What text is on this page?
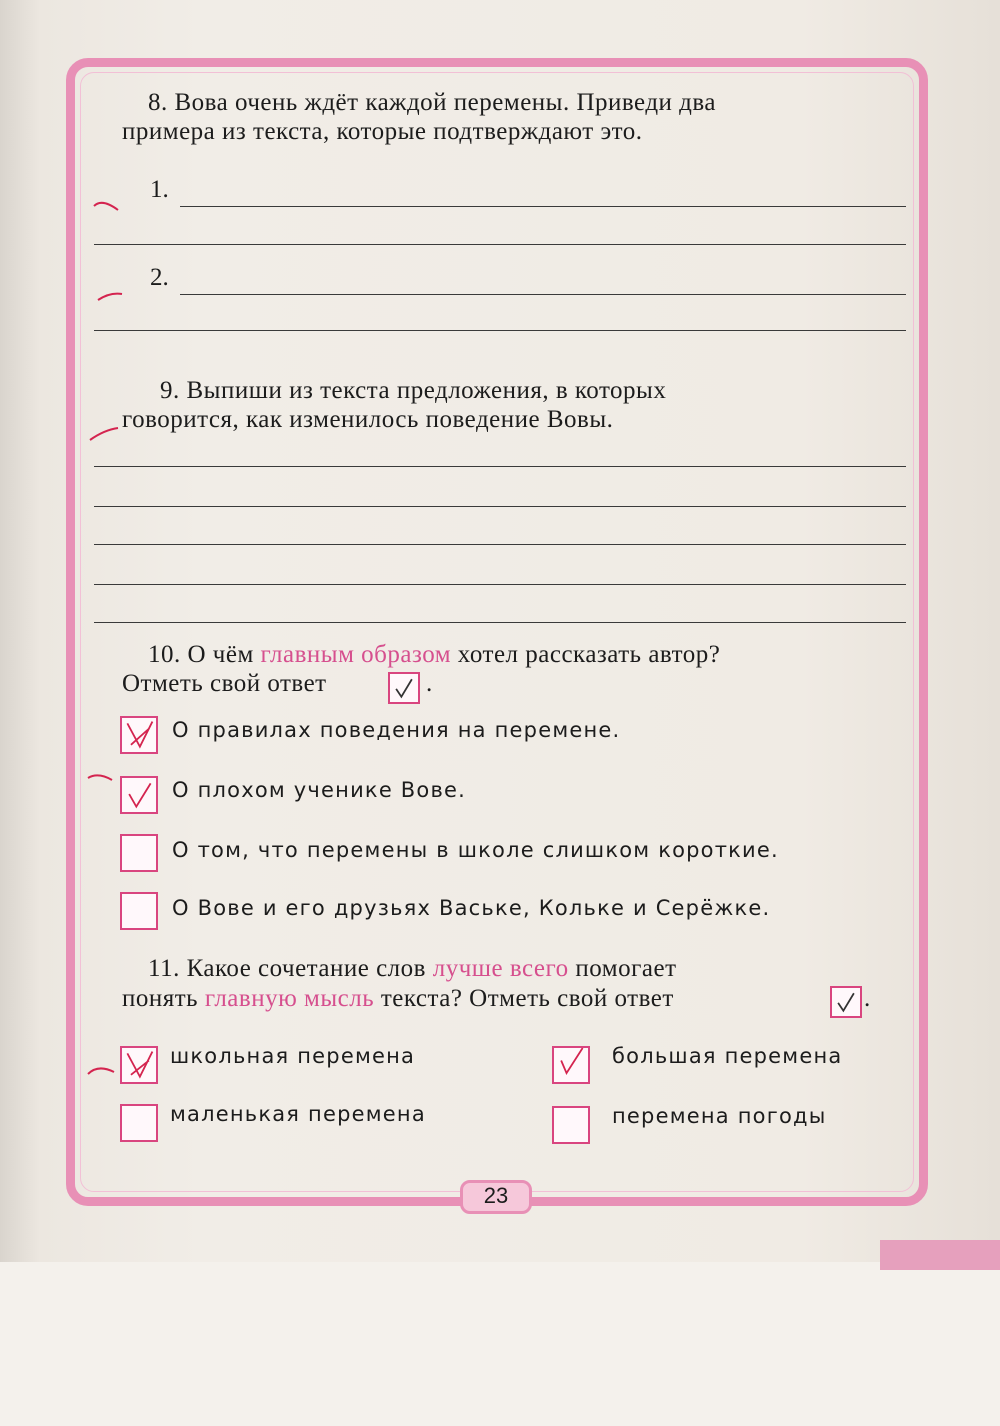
8. Вова очень ждёт каждой перемены. Приведи два
примера из текста, которые подтверждают это.
1.
2.
9. Выпиши из текста предложения, в которых
говорится, как изменилось поведение Вовы.
10. О чём главным образом хотел рассказать автор?
Отметь свой ответ	.
О правилах поведения на перемене.
О плохом ученике Вове.
О том, что перемены в школе слишком короткие.
О Вове и его друзьях Ваське, Кольке и Серёжке.
11. Какое сочетание слов лучше всего помогает
понять главную мысль текста? Отметь свой ответ	.
школьная перемена	большая перемена
маленькая перемена	перемена погоды
23
